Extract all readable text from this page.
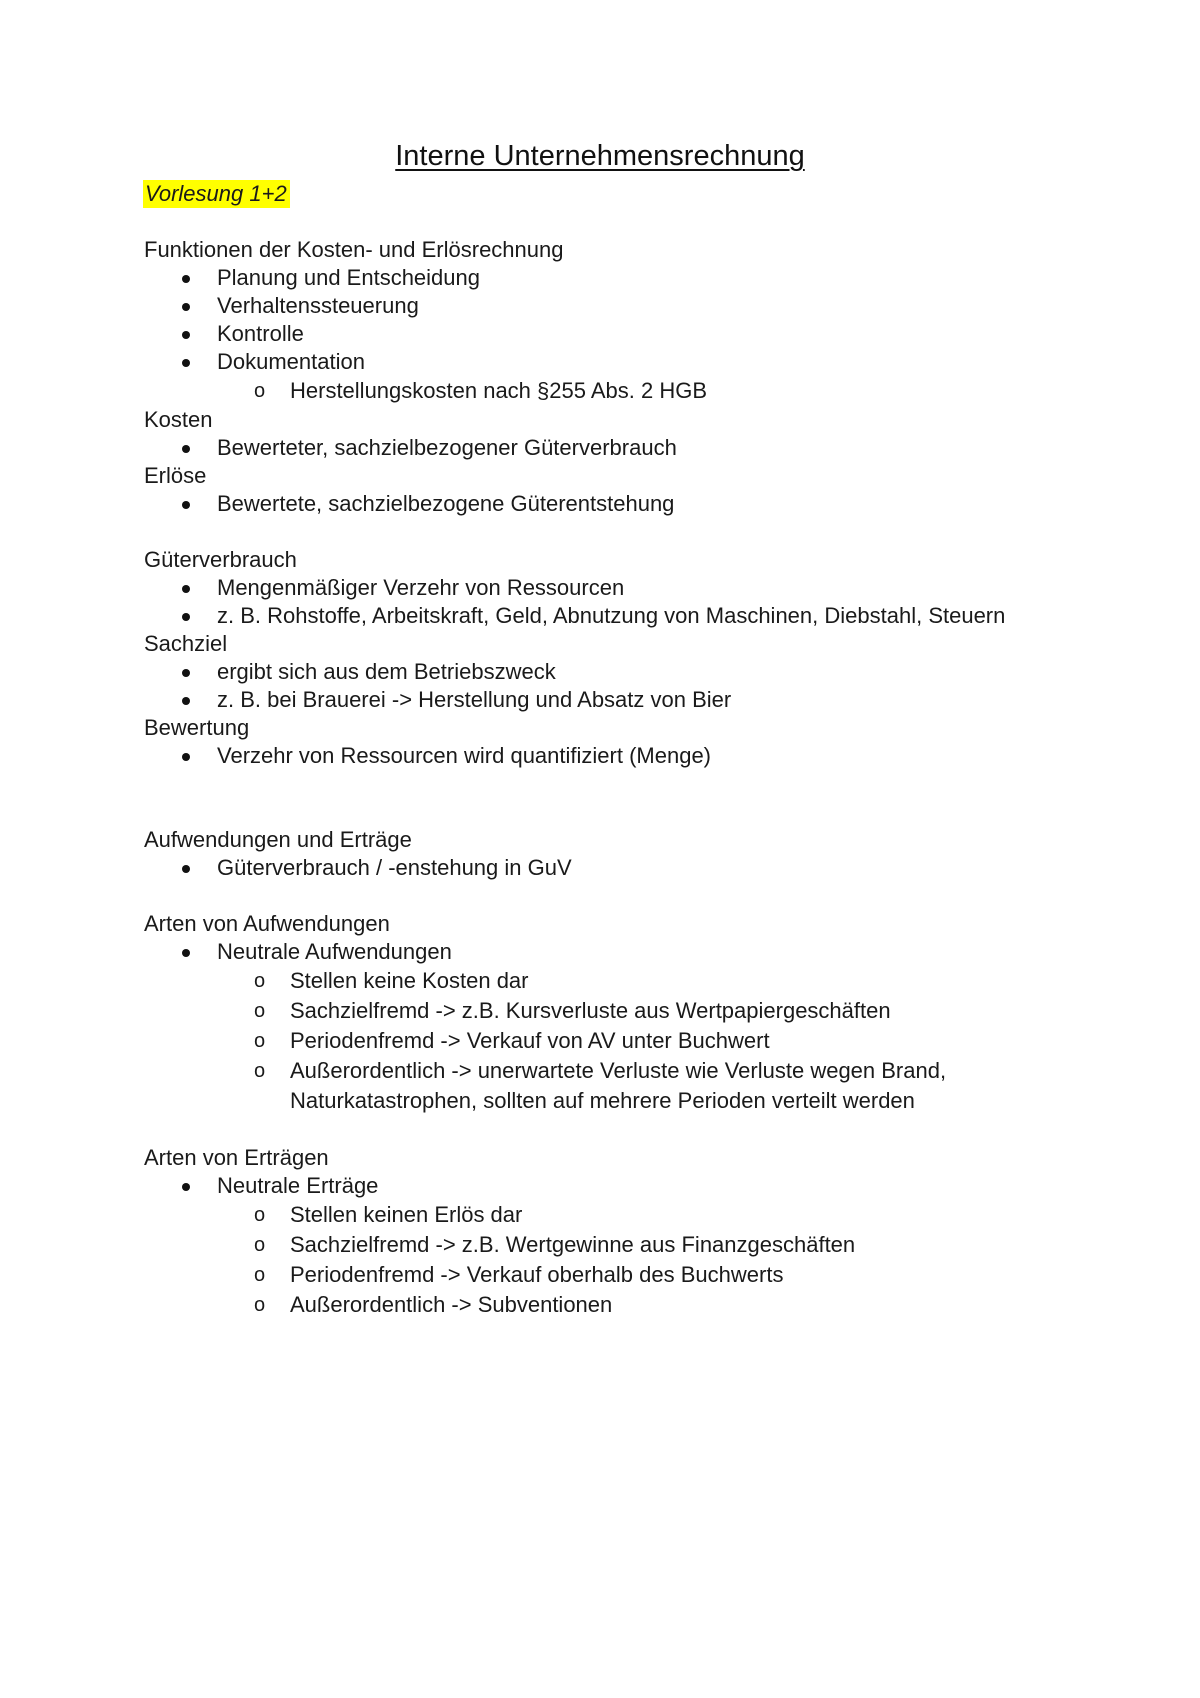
Interne Unternehmensrechnung
Vorlesung 1+2

Funktionen der Kosten- und Erlösrechnung

Planung und Entscheidung
Verhaltenssteuerung
Kontrolle
Dokumentation
o Herstellungskosten nach §255 Abs. 2 HGB

Kosten

Bewerteter, sachzielbezogener Güterverbrauch

Erlöse

Bewertete, sachzielbezogene Güterentstehung

Güterverbrauch

Mengenmäßiger Verzehr von Ressourcen
z. B. Rohstoffe, Arbeitskraft, Geld, Abnutzung von Maschinen, Diebstahl, Steuern

Sachziel

ergibt sich aus dem Betriebszweck
z. B. bei Brauerei -> Herstellung und Absatz von Bier

Bewertung

Verzehr von Ressourcen wird quantifiziert (Menge)

Aufwendungen und Erträge

Güterverbrauch / -enstehung in GuV

Arten von Aufwendungen

Neutrale Aufwendungen
o Stellen keine Kosten dar
o Sachzielfremd -> z.B. Kursverluste aus Wertpapiergeschäften
o Periodenfremd -> Verkauf von AV unter Buchwert
o Außerordentlich -> unerwartete Verluste wie Verluste wegen Brand, Naturkatastrophen, sollten auf mehrere Perioden verteilt werden

Arten von Erträgen

Neutrale Erträge
o Stellen keinen Erlös dar
o Sachzielfremd -> z.B. Wertgewinne aus Finanzgeschäften
o Periodenfremd -> Verkauf oberhalb des Buchwerts
o Außerordentlich -> Subventionen
